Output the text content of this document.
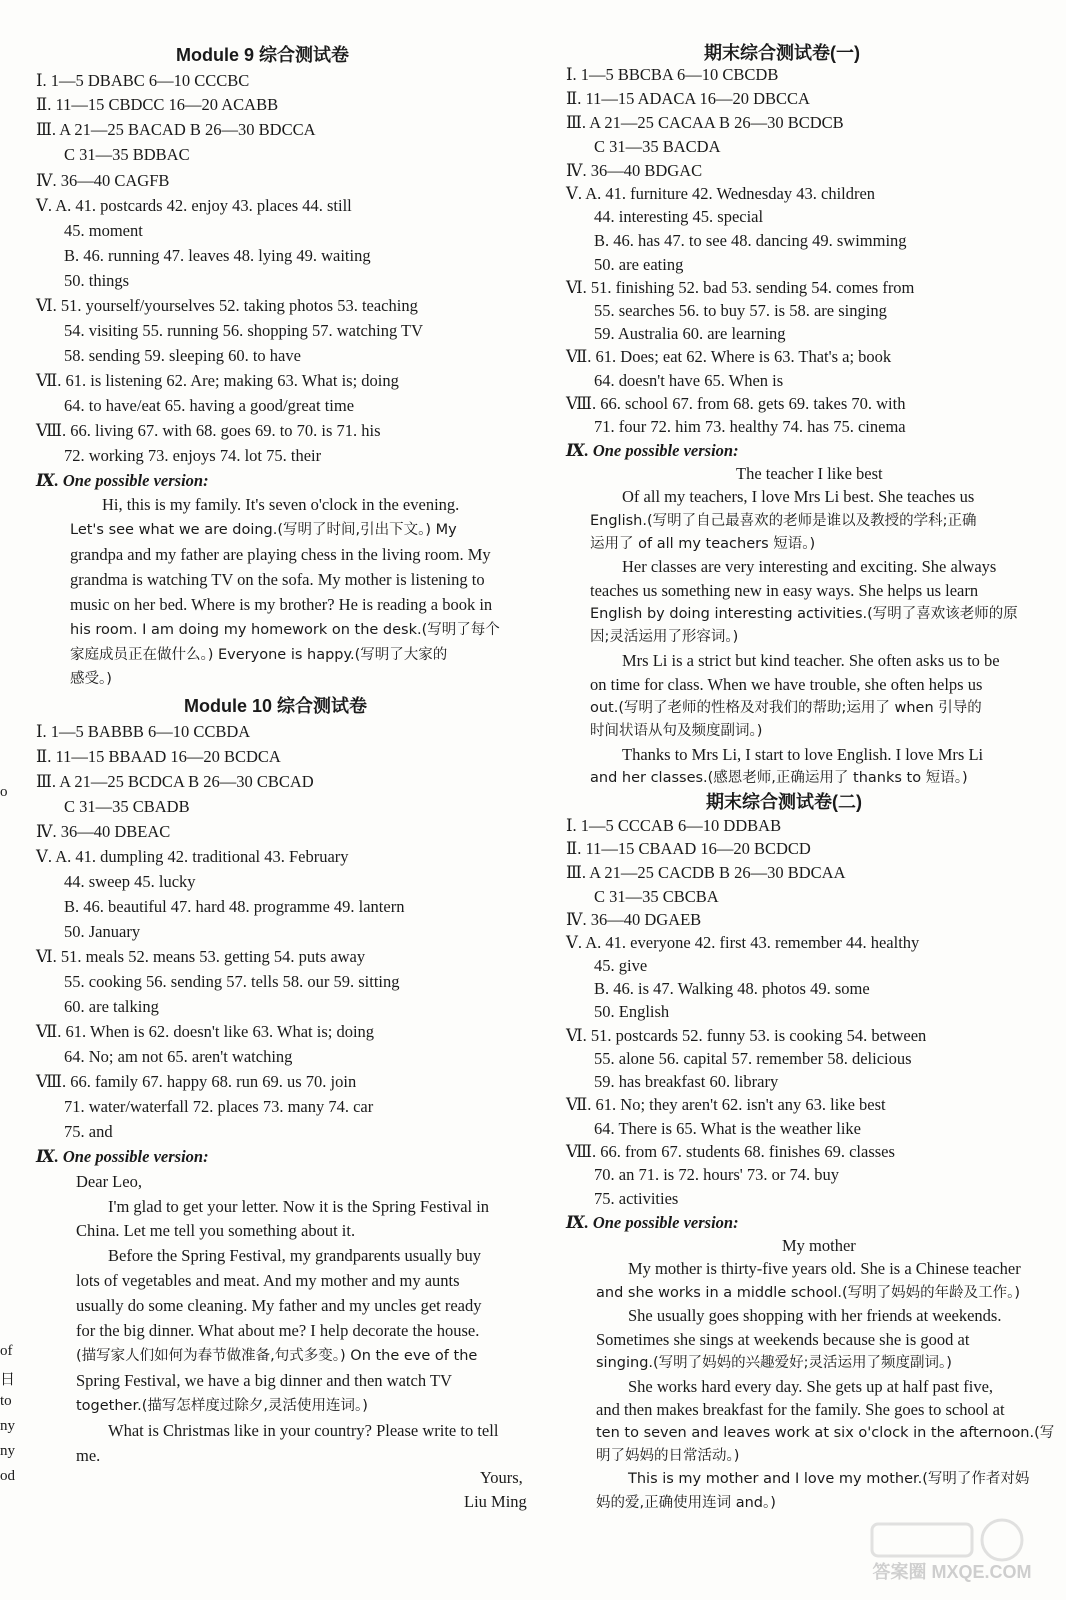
Module 9 综合测试卷
Ⅰ. 1—5 DBABC 6—10 CCCBC
Ⅱ. 11—15 CBDCC 16—20 ACABB
Ⅲ. A 21—25 BACAD B 26—30 BDCCA
C 31—35 BDBAC
Ⅳ. 36—40 CAGFB
Ⅴ. A. 41. postcards 42. enjoy 43. places 44. still
45. moment
B. 46. running 47. leaves 48. lying 49. waiting
50. things
Ⅵ. 51. yourself/yourselves 52. taking photos 53. teaching
54. visiting 55. running 56. shopping 57. watching TV
58. sending 59. sleeping 60. to have
Ⅶ. 61. is listening 62. Are; making 63. What is; doing
64. to have/eat 65. having a good/great time
Ⅷ. 66. living 67. with 68. goes 69. to 70. is 71. his
72. working 73. enjoys 74. lot 75. their
Ⅸ. One possible version:
Hi, this is my family. It's seven o'clock in the evening.
Let's see what we are doing.(写明了时间,引出下文。) My
grandpa and my father are playing chess in the living room. My
grandma is watching TV on the sofa. My mother is listening to
music on her bed. Where is my brother? He is reading a book in
his room. I am doing my homework on the desk.(写明了每个
家庭成员正在做什么。) Everyone is happy.(写明了大家的
感受。)
Module 10 综合测试卷
Ⅰ. 1—5 BABBB 6—10 CCBDA
Ⅱ. 11—15 BBAAD 16—20 BCDCA
Ⅲ. A 21—25 BCDCA B 26—30 CBCAD
C 31—35 CBADB
Ⅳ. 36—40 DBEAC
Ⅴ. A. 41. dumpling 42. traditional 43. February
44. sweep 45. lucky
B. 46. beautiful 47. hard 48. programme 49. lantern
50. January
Ⅵ. 51. meals 52. means 53. getting 54. puts away
55. cooking 56. sending 57. tells 58. our 59. sitting
60. are talking
Ⅶ. 61. When is 62. doesn't like 63. What is; doing
64. No; am not 65. aren't watching
Ⅷ. 66. family 67. happy 68. run 69. us 70. join
71. water/waterfall 72. places 73. many 74. car
75. and
Ⅸ. One possible version:
Dear Leo,
I'm glad to get your letter. Now it is the Spring Festival in
China. Let me tell you something about it.
Before the Spring Festival, my grandparents usually buy
lots of vegetables and meat. And my mother and my aunts
usually do some cleaning. My father and my uncles get ready
for the big dinner. What about me? I help decorate the house.
(描写家人们如何为春节做准备,句式多变。) On the eve of the
Spring Festival, we have a big dinner and then watch TV
together.(描写怎样度过除夕,灵活使用连词。)
What is Christmas like in your country? Please write to tell
me.
Yours,
Liu Ming
期末综合测试卷(一)
Ⅰ. 1—5 BBCBA 6—10 CBCDB
Ⅱ. 11—15 ADACA 16—20 DBCCA
Ⅲ. A 21—25 CACAA B 26—30 BCDCB
C 31—35 BACDA
Ⅳ. 36—40 BDGAC
Ⅴ. A. 41. furniture 42. Wednesday 43. children
44. interesting 45. special
B. 46. has 47. to see 48. dancing 49. swimming
50. are eating
Ⅵ. 51. finishing 52. bad 53. sending 54. comes from
55. searches 56. to buy 57. is 58. are singing
59. Australia 60. are learning
Ⅶ. 61. Does; eat 62. Where is 63. That's a; book
64. doesn't have 65. When is
Ⅷ. 66. school 67. from 68. gets 69. takes 70. with
71. four 72. him 73. healthy 74. has 75. cinema
Ⅸ. One possible version:
The teacher I like best
Of all my teachers, I love Mrs Li best. She teaches us
English.(写明了自己最喜欢的老师是谁以及教授的学科;正确
运用了 of all my teachers 短语。)
Her classes are very interesting and exciting. She always
teaches us something new in easy ways. She helps us learn
English by doing interesting activities.(写明了喜欢该老师的原
因;灵活运用了形容词。)
Mrs Li is a strict but kind teacher. She often asks us to be
on time for class. When we have trouble, she often helps us
out.(写明了老师的性格及对我们的帮助;运用了 when 引导的
时间状语从句及频度副词。)
Thanks to Mrs Li, I start to love English. I love Mrs Li
and her classes.(感恩老师,正确运用了 thanks to 短语。)
期末综合测试卷(二)
Ⅰ. 1—5 CCCAB 6—10 DDBAB
Ⅱ. 11—15 CBAAD 16—20 BCDCD
Ⅲ. A 21—25 CACDB B 26—30 BDCAA
C 31—35 CBCBA
Ⅳ. 36—40 DGAEB
Ⅴ. A. 41. everyone 42. first 43. remember 44. healthy
45. give
B. 46. is 47. Walking 48. photos 49. some
50. English
Ⅵ. 51. postcards 52. funny 53. is cooking 54. between
55. alone 56. capital 57. remember 58. delicious
59. has breakfast 60. library
Ⅶ. 61. No; they aren't 62. isn't any 63. like best
64. There is 65. What is the weather like
Ⅷ. 66. from 67. students 68. finishes 69. classes
70. an 71. is 72. hours' 73. or 74. buy
75. activities
Ⅸ. One possible version:
My mother
My mother is thirty-five years old. She is a Chinese teacher
and she works in a middle school.(写明了妈妈的年龄及工作。)
She usually goes shopping with her friends at weekends.
Sometimes she sings at weekends because she is good at
singing.(写明了妈妈的兴趣爱好;灵活运用了频度副词。)
She works hard every day. She gets up at half past five,
and then makes breakfast for the family. She goes to school at
ten to seven and leaves work at six o'clock in the afternoon.(写
明了妈妈的日常活动。)
This is my mother and I love my mother.(写明了作者对妈
妈的爱,正确使用连词 and。)
o
of
日
to
ny
ny
od
答案圈 MXQE.COM
